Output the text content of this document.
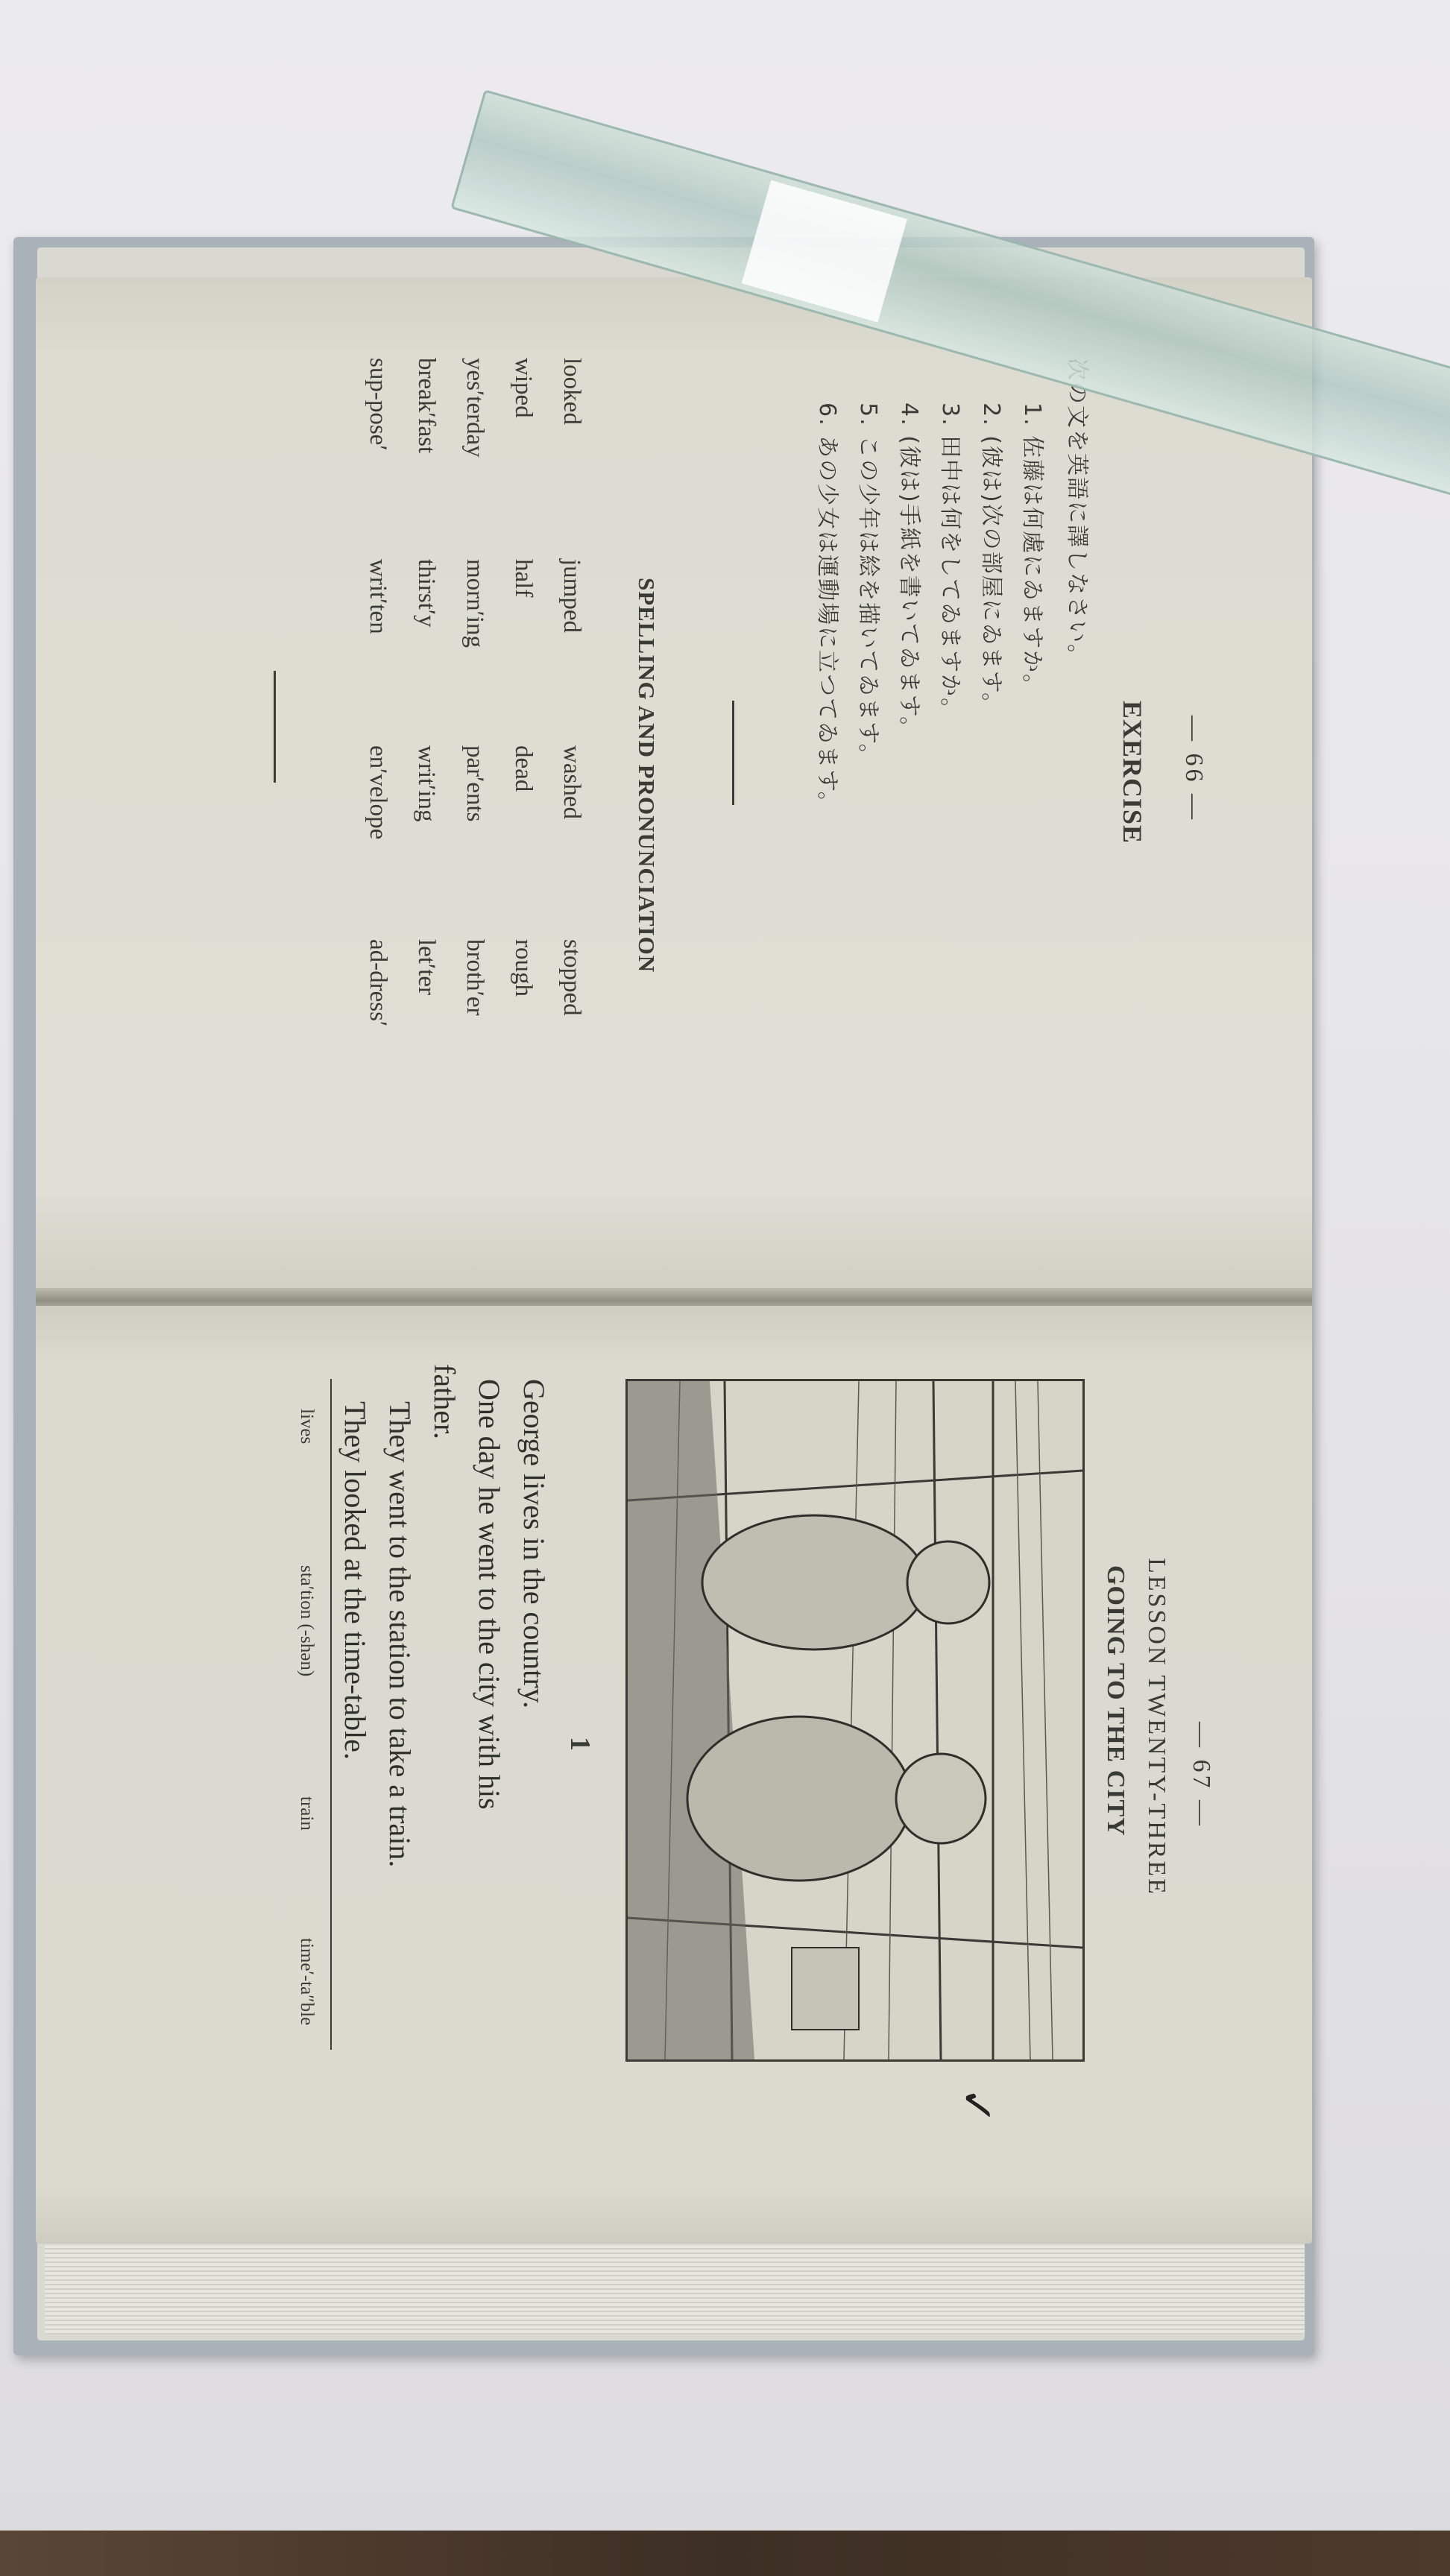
— 66 —
EXERCISE
次の文を英語に譯しなさい。
1. 佐藤は何處にゐますか。
2. (彼は)次の部屋にゐます。
3. 田中は何をしてゐますか。
4. (彼は)手紙を書いてゐます。
5. この少年は絵を描いてゐます。
6. あの少女は運動場に立つてゐます。
SPELLING AND PRONUNCIATION
looked
jumped
washed
stopped
wiped
half
dead
rough
yes′terday
morn′ing
par′ents
broth′er
break′fast
thirst′y
writ′ing
let′ter
sup-pose′
writ′ten
en′velope
ad-dress′
— 67 —
LESSON TWENTY-THREE
GOING TO THE CITY
1
George lives in the country.
One day he went to the city with his
father.
They went to the station to take a train.
They looked at the time-table.
lives
sta′tion (-shən)
train
time′-ta″ble
✓
